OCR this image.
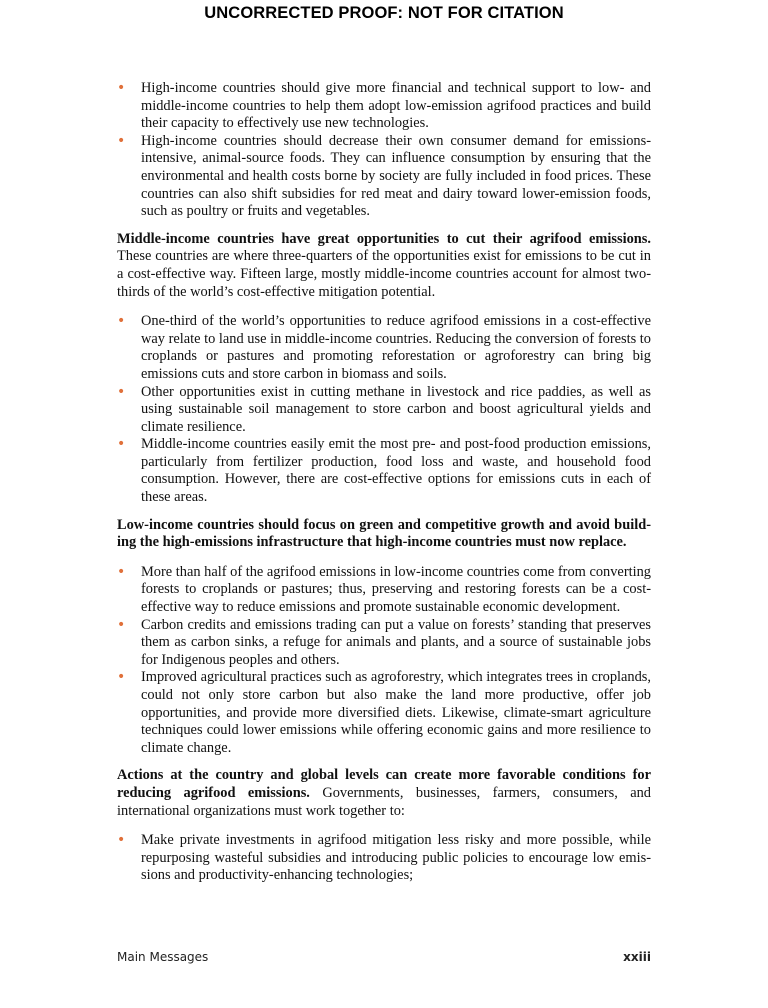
UNCORRECTED PROOF: NOT FOR CITATION
• High-income countries should give more financial and technical support to low- and middle-income countries to help them adopt low-emission agrifood practices and build their capacity to effectively use new technologies.
• High-income countries should decrease their own consumer demand for emissions-intensive, animal-source foods. They can influence consumption by ensuring that the environmental and health costs borne by society are fully included in food prices. These countries can also shift subsidies for red meat and dairy toward lower-emission foods, such as poultry or fruits and vegetables.

Middle-income countries have great opportunities to cut their agrifood emissions. These countries are where three-quarters of the opportunities exist for emissions to be cut in a cost-effective way. Fifteen large, mostly middle-income countries account for almost two-thirds of the world’s cost-effective mitigation potential.

• One-third of the world’s opportunities to reduce agrifood emissions in a cost-effective way relate to land use in middle-income countries. Reducing the conversion of forests to croplands or pastures and promoting reforestation or agroforestry can bring big emissions cuts and store carbon in biomass and soils.
• Other opportunities exist in cutting methane in livestock and rice paddies, as well as using sustainable soil management to store carbon and boost agricultural yields and climate resilience.
• Middle-income countries easily emit the most pre- and post-food production emissions, particularly from fertilizer production, food loss and waste, and household food consumption. However, there are cost-effective options for emissions cuts in each of these areas.

Low-income countries should focus on green and competitive growth and avoid building the high-emissions infrastructure that high-income countries must now replace.

• More than half of the agrifood emissions in low-income countries come from converting forests to croplands or pastures; thus, preserving and restoring forests can be a cost-effective way to reduce emissions and promote sustainable economic development.
• Carbon credits and emissions trading can put a value on forests’ standing that preserves them as carbon sinks, a refuge for animals and plants, and a source of sustainable jobs for Indigenous peoples and others.
• Improved agricultural practices such as agroforestry, which integrates trees in croplands, could not only store carbon but also make the land more productive, offer job opportunities, and provide more diversified diets. Likewise, climate-smart agriculture techniques could lower emissions while offering economic gains and more resilience to climate change.

Actions at the country and global levels can create more favorable conditions for reducing agrifood emissions. Governments, businesses, farmers, consumers, and international organizations must work together to:

• Make private investments in agrifood mitigation less risky and more possible, while repurposing wasteful subsidies and introducing public policies to encourage low emissions and productivity-enhancing technologies;
Main Messages	xxiii
